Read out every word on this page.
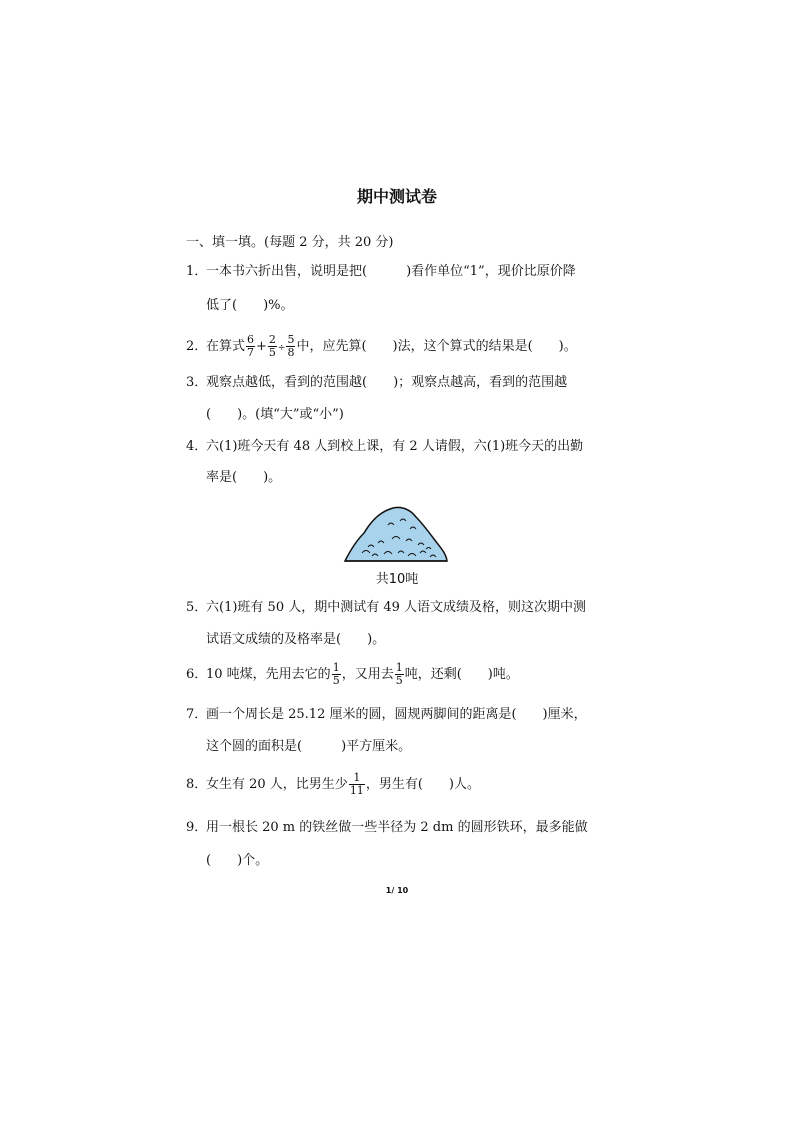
期中测试卷
一、填一填。(每题 2 分，共 20 分)
1．一本书六折出售，说明是把(　　　)看作单位“1”，现价比原价降
低了(　　)%。
2．在算式 $\frac{6}{7} + \frac{2}{5} \div \frac{5}{8}$ 中，应先算(　　)法，这个算式的结果是(　　)。
3．观察点越低，看到的范围越(　　)；观察点越高，看到的范围越
(　　)。(填“大”或“小”)
4．六(1)班今天有 48 人到校上课，有 2 人请假，六(1)班今天的出勤
率是(　　)。
共10吨
5．六(1)班有 50 人，期中测试有 49 人语文成绩及格，则这次期中测
试语文成绩的及格率是(　　)。
6．10 吨煤，先用去它的 $\frac{1}{5}$ ，又用去 $\frac{1}{5}$ 吨，还剩(　　)吨。
7．画一个周长是 25.12 厘米的圆，圆规两脚间的距离是(　　)厘米，
这个圆的面积是(　　　)平方厘米。
8．女生有 20 人，比男生少 $\frac{1}{11}$ ，男生有(　　)人。
9．用一根长 20 m 的铁丝做一些半径为 2 dm 的圆形铁环，最多能做
(　　)个。
1/ 10
